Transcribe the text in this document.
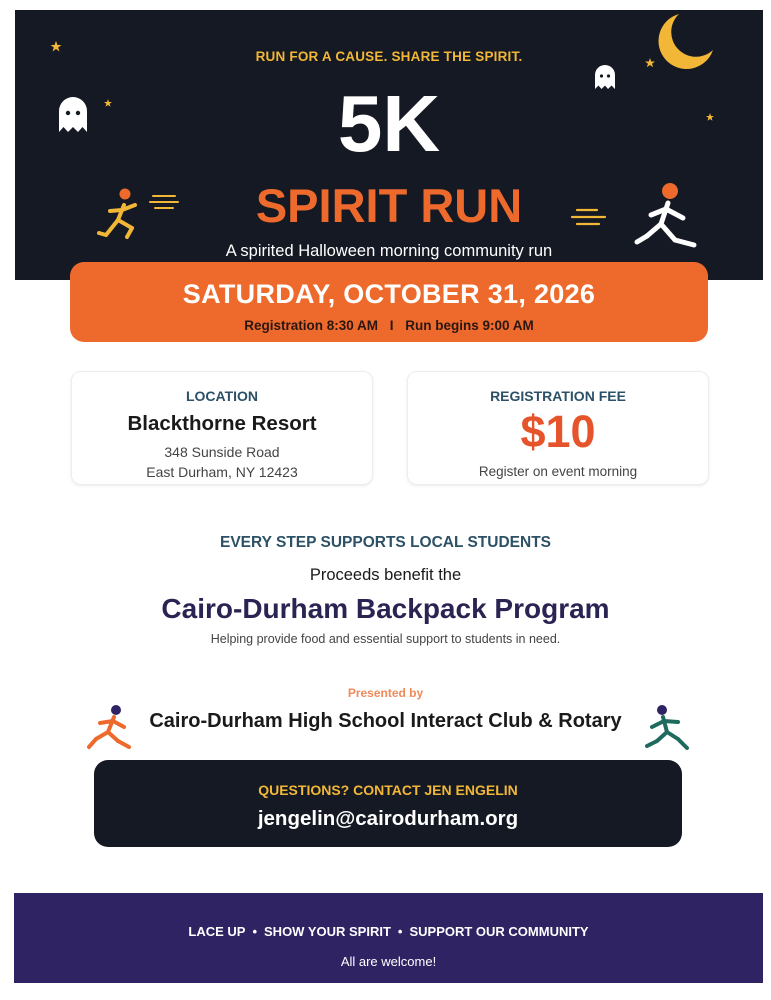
RUN FOR A CAUSE. SHARE THE SPIRIT.
5K
SPIRIT RUN
A spirited Halloween morning community run
SATURDAY, OCTOBER 31, 2026
Registration 8:30 AM I Run begins 9:00 AM
LOCATION
Blackthorne Resort
348 Sunside Road
East Durham, NY 12423
REGISTRATION FEE
$10
Register on event morning
EVERY STEP SUPPORTS LOCAL STUDENTS
Proceeds benefit the
Cairo-Durham Backpack Program
Helping provide food and essential support to students in need.
Presented by
Cairo-Durham High School Interact Club & Rotary
QUESTIONS? CONTACT JEN ENGELIN
jengelin@cairodurham.org
LACE UP • SHOW YOUR SPIRIT • SUPPORT OUR COMMUNITY
All are welcome!
